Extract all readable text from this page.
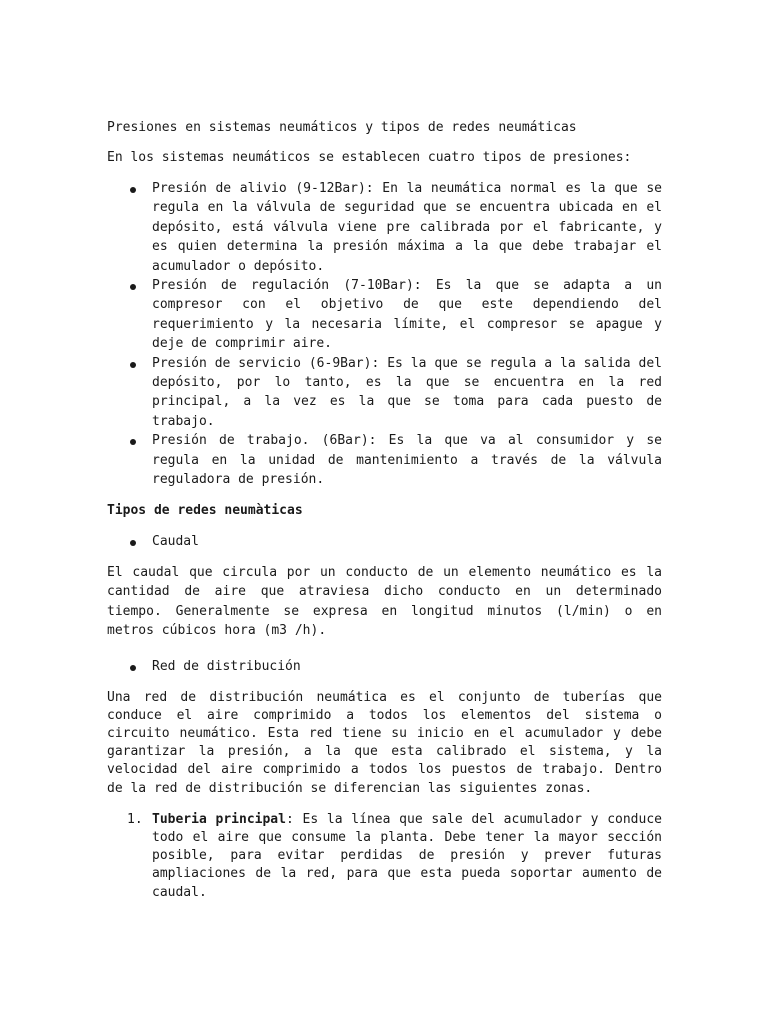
Presiones en sistemas neumáticos y tipos de redes neumáticas

En los sistemas neumáticos se establecen cuatro tipos de presiones:

Presión de alivio (9-12Bar): En la neumática normal es la que se regula en la válvula de seguridad que se encuentra ubicada en el depósito, está válvula viene pre calibrada por el fabricante, y es quien determina la presión máxima a la que debe trabajar el acumulador o depósito.
Presión de regulación (7-10Bar): Es la que se adapta a un compresor con el objetivo de que este dependiendo del requerimiento y la necesaria límite, el compresor se apague y deje de comprimir aire.
Presión de servicio (6-9Bar): Es la que se regula a la salida del depósito, por lo tanto, es la que se encuentra en la red principal, a la vez es la que se toma para cada puesto de trabajo.
Presión de trabajo. (6Bar): Es la que va al consumidor y se regula en la unidad de mantenimiento a través de la válvula reguladora de presión.

Tipos de redes neumàticas

Caudal

El caudal que circula por un conducto de un elemento neumático es la cantidad de aire que atraviesa dicho conducto en un determinado tiempo. Generalmente se expresa en longitud minutos (l/min) o en metros cúbicos hora (m3 /h).

Red de distribución

Una red de distribución neumática es el conjunto de tuberías que conduce el aire comprimido a todos los elementos del sistema o circuito neumático. Esta red tiene su inicio en el acumulador y debe garantizar la presión, a la que esta calibrado el sistema, y la velocidad del aire comprimido a todos los puestos de trabajo. Dentro de la red de distribución se diferencian las siguientes zonas.

1. Tuberia principal: Es la línea que sale del acumulador y conduce todo el aire que consume la planta. Debe tener la mayor sección posible, para evitar perdidas de presión y prever futuras ampliaciones de la red, para que esta pueda soportar aumento de caudal.
